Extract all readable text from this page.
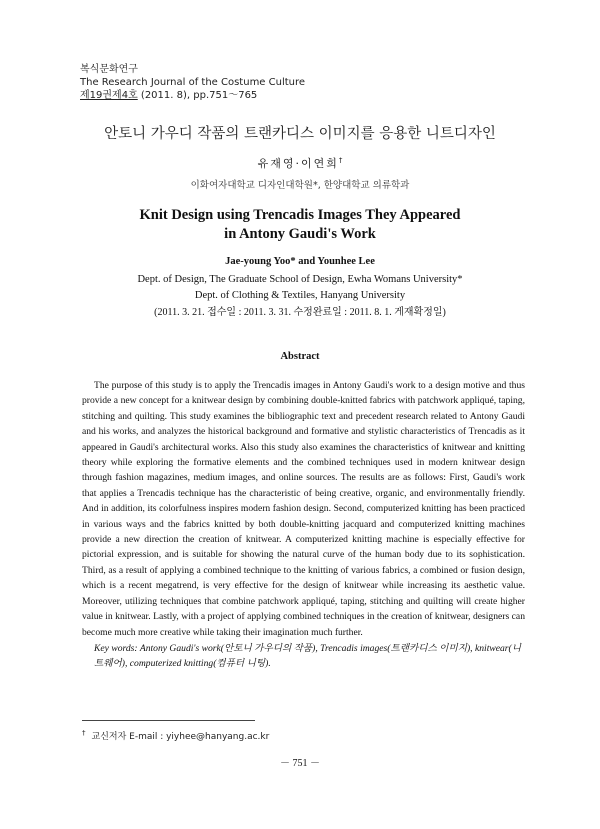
복식문화연구
The Research Journal of the Costume Culture
제19권제4호 (2011. 8), pp.751～765
안토니 가우디 작품의 트랜카디스 이미지를 응용한 니트디자인
유재영·이연희†
이화여자대학교 디자인대학원*, 한양대학교 의류학과
Knit Design using Trencadis Images They Appeared
in Antony Gaudi's Work
Jae-young Yoo* and Younhee Lee
Dept. of Design, The Graduate School of Design, Ewha Womans University*
Dept. of Clothing & Textiles, Hanyang University
(2011. 3. 21. 접수일 : 2011. 3. 31. 수정완료일 : 2011. 8. 1. 게재확정일)
Abstract

The purpose of this study is to apply the Trencadis images in Antony Gaudi's work to a design motive and thus provide a new concept for a knitwear design by combining double-knitted fabrics with patchwork appliqué, taping, stitching and quilting. This study examines the bibliographic text and precedent research related to Antony Gaudi and his works, and analyzes the historical background and formative and stylistic characteristics of Trencadis as it appeared in Gaudi's architectural works. Also this study also examines the characteristics of knitwear and knitting theory while exploring the formative elements and the combined techniques used in modern knitwear design through fashion magazines, medium images, and online sources. The results are as follows: First, Gaudi's work that applies a Trencadis technique has the characteristic of being creative, organic, and environmentally friendly. And in addition, its colorfulness inspires modern fashion design. Second, computerized knitting has been practiced in various ways and the fabrics knitted by both double-knitting jacquard and computerized knitting machines provide a new direction the creation of knitwear. A computerized knitting machine is especially effective for pictorial expression, and is suitable for showing the natural curve of the human body due to its sophistication. Third, as a result of applying a combined technique to the knitting of various fabrics, a combined or fusion design, which is a recent megatrend, is very effective for the design of knitwear while increasing its aesthetic value. Moreover, utilizing techniques that combine patchwork appliqué, taping, stitching and quilting will create higher value in knitwear. Lastly, with a project of applying combined techniques in the creation of knitwear, designers can become much more creative while taking their imagination much further.

Key words: Antony Gaudi's work(안토니 가우디의 작품), Trencadis images(트랜카디스 이미지), knitwear(니트웨어), computerized knitting(컴퓨터 니팅).
† 교신저자 E-mail : yiyhee@hanyang.ac.kr
－ 751 －
